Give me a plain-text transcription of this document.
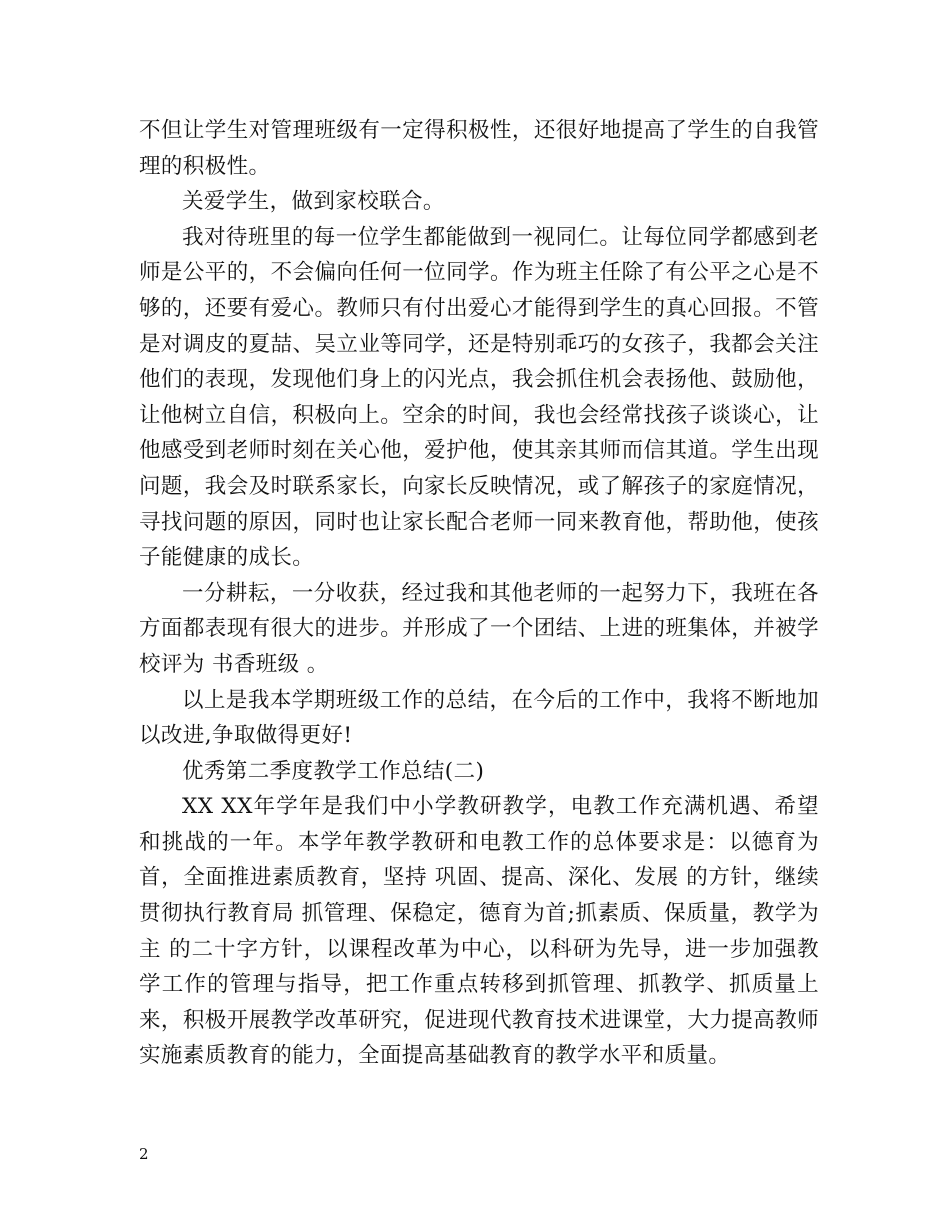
不但让学生对管理班级有一定得积极性，还很好地提高了学生的自我管理的积极性。

关爱学生，做到家校联合。

我对待班里的每一位学生都能做到一视同仁。让每位同学都感到老师是公平的，不会偏向任何一位同学。作为班主任除了有公平之心是不够的，还要有爱心。教师只有付出爱心才能得到学生的真心回报。不管是对调皮的夏喆、吴立业等同学，还是特别乖巧的女孩子，我都会关注他们的表现，发现他们身上的闪光点，我会抓住机会表扬他、鼓励他，让他树立自信，积极向上。空余的时间，我也会经常找孩子谈谈心，让他感受到老师时刻在关心他，爱护他，使其亲其师而信其道。学生出现问题，我会及时联系家长，向家长反映情况，或了解孩子的家庭情况，寻找问题的原因，同时也让家长配合老师一同来教育他，帮助他，使孩子能健康的成长。

一分耕耘，一分收获，经过我和其他老师的一起努力下，我班在各方面都表现有很大的进步。并形成了一个团结、上进的班集体，并被学校评为 书香班级 。

以上是我本学期班级工作的总结，在今后的工作中，我将不断地加以改进,争取做得更好!

优秀第二季度教学工作总结(二)

XX XX年学年是我们中小学教研教学，电教工作充满机遇、希望和挑战的一年。本学年教学教研和电教工作的总体要求是：以德育为首，全面推进素质教育，坚持 巩固、提高、深化、发展 的方针，继续贯彻执行教育局 抓管理、保稳定，德育为首;抓素质、保质量，教学为主 的二十字方针，以课程改革为中心，以科研为先导，进一步加强教学工作的管理与指导，把工作重点转移到抓管理、抓教学、抓质量上来，积极开展教学改革研究，促进现代教育技术进课堂，大力提高教师实施素质教育的能力，全面提高基础教育的教学水平和质量。

2
